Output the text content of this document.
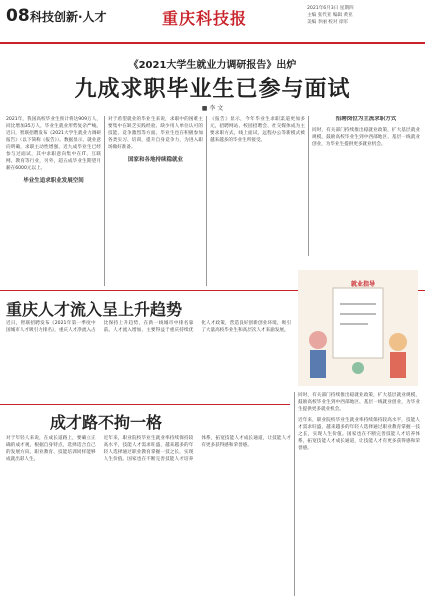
08 科技创新·人才	重庆科技报
2021年6月3日 星期四
主编 张代亚 编辑 黄亚
美编 李丽 校对 徐军
《2021大学生就业力调研报告》出炉
九成求职毕业生已参与面试
■ 李 文

2021年，我国高校毕业生预计将达909万人，同比增加35万人，毕业生就业形势复杂严峻。近日，智联招聘发布《2021大学生就业力调研报告》（以下简称《报告》）。数据显示，就业意向明确，求职主动性增强，近九成毕业生已经参与过面试，其中求职意向集中在IT、互联网、教育等行业，另外，超五成毕业生期望月薪在6000元以上。

毕业生追求职业发展空间

对于希望就业的毕业生来说，求职中的困难主要集中在缺乏实践经验、缺少用人单位认可的技能、竞争激烈等方面。毕业生也在积极参加各类实习、培训，提升自身竞争力，为进入职场做好准备。

国家和各地持续稳就业

《报告》显示，今年毕业生求职渠道更加多元，招聘网站、校园招聘会、社交媒体成为主要求职方式，线上面试、远程办公等新模式被越来越多的毕业生所接受。

招聘岗位为主流求职方式

同时，有关部门持续推出稳就业政策，扩大基层就业规模，鼓励高校毕业生到中西部地区、基层一线就业创业，为毕业生提供更多就业机会。

重庆人才流入呈上升趋势

近日，智联招聘发布《2021年第一季度中国城市人才吸引力排名》，重庆人才净流入占比保持上升趋势，在新一线城市中排名靠前。人才流入增加，主要得益于重庆持续优化人才政策，营造良好创新创业环境，吸引了大量高校毕业生和高层次人才来渝发展。

就业指导
成才路不拘一格

对于年轻人来说，在成长道路上，要确立正确的成才观，根据自身特点，选择适合自己的发展方向。职业教育、技能培训同样能够成就出彩人生。

近年来，职业院校毕业生就业率持续保持较高水平，技能人才需求旺盛，越来越多的年轻人选择通过职业教育掌握一技之长，实现人生价值。国家也在不断完善技能人才培养体系，拓宽技能人才成长通道，让技能人才有更多获得感和荣誉感。

同时，有关部门持续推出稳就业政策，扩大基层就业规模，鼓励高校毕业生到中西部地区、基层一线就业创业，为毕业生提供更多就业机会。

近年来，职业院校毕业生就业率持续保持较高水平，技能人才需求旺盛，越来越多的年轻人选择通过职业教育掌握一技之长，实现人生价值。国家也在不断完善技能人才培养体系，拓宽技能人才成长通道，让技能人才有更多获得感和荣誉感。
